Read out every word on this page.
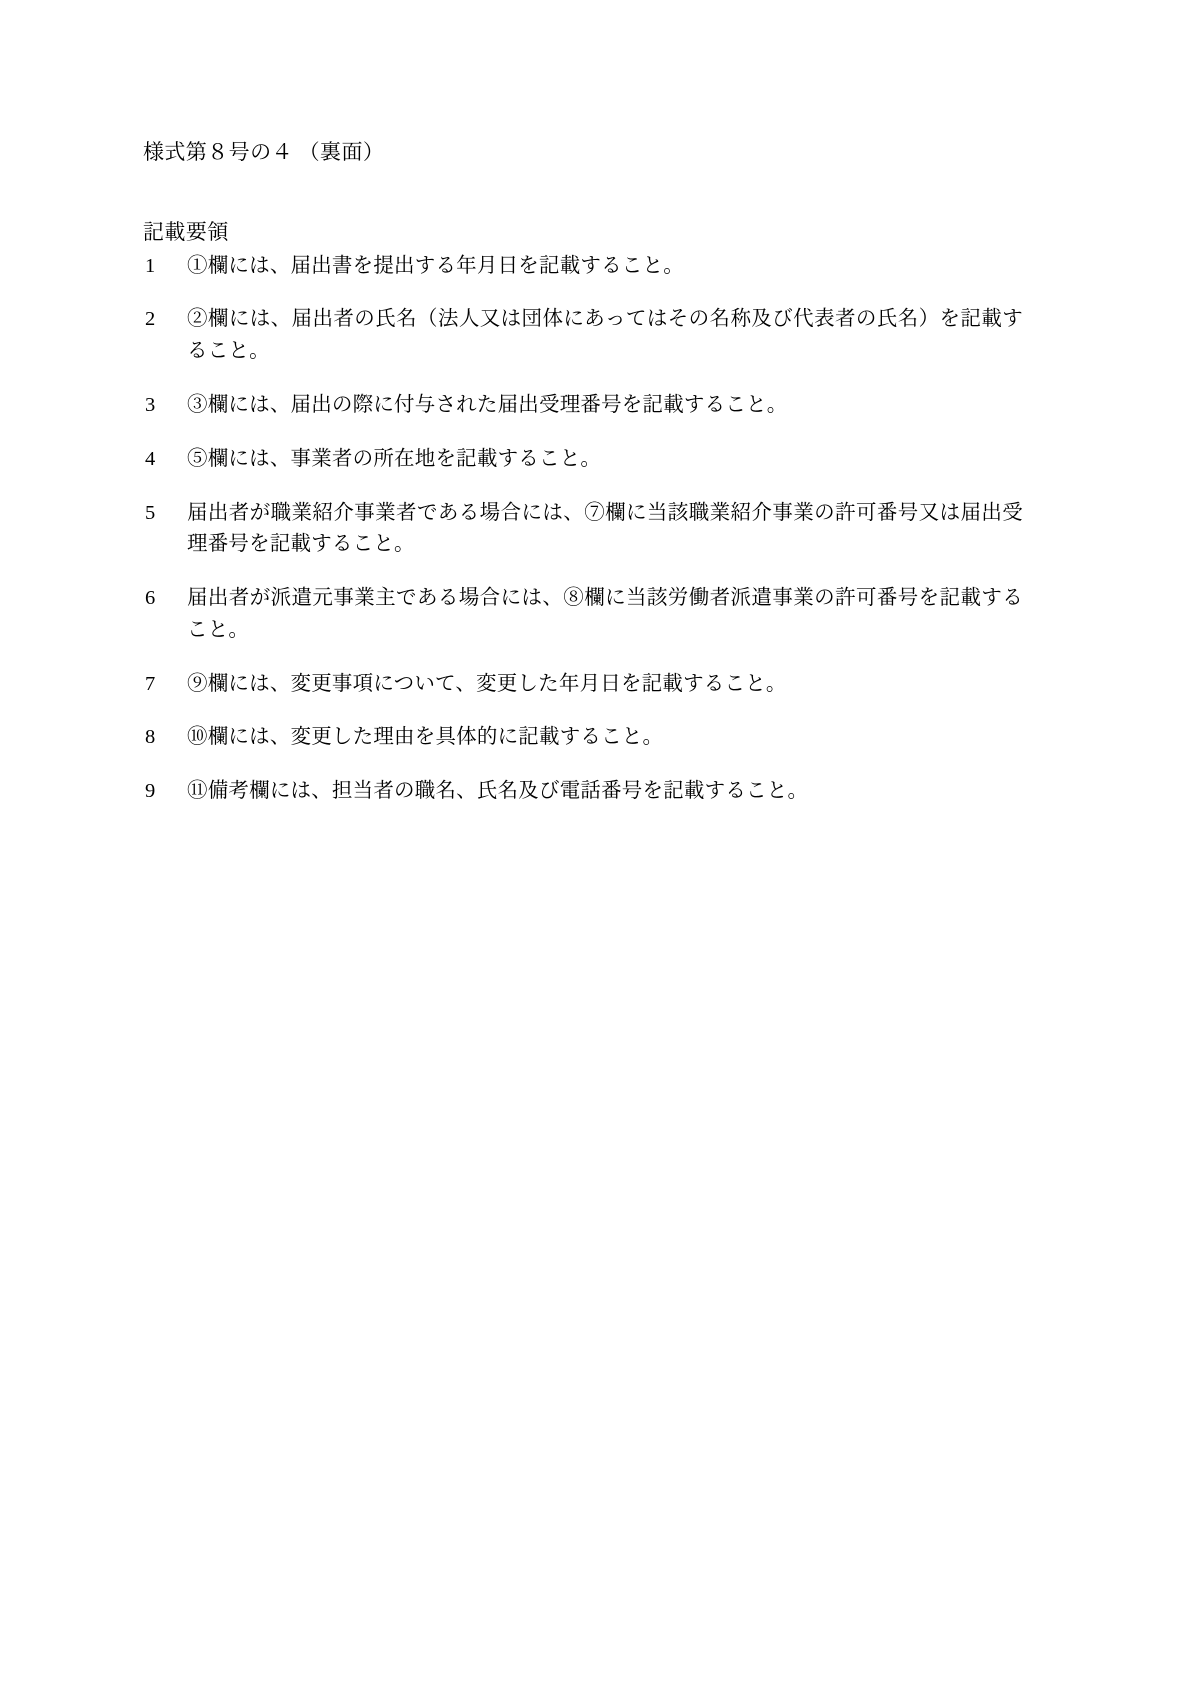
様式第８号の４ （裏面）
記載要領
1	①欄には、届出書を提出する年月日を記載すること。
2	②欄には、届出者の氏名（法人又は団体にあってはその名称及び代表者の氏名）を記載すること。
3	③欄には、届出の際に付与された届出受理番号を記載すること。
4	⑤欄には、事業者の所在地を記載すること。
5	届出者が職業紹介事業者である場合には、⑦欄に当該職業紹介事業の許可番号又は届出受理番号を記載すること。
6	届出者が派遣元事業主である場合には、⑧欄に当該労働者派遣事業の許可番号を記載すること。
7	⑨欄には、変更事項について、変更した年月日を記載すること。
8	⑩欄には、変更した理由を具体的に記載すること。
9	⑪備考欄には、担当者の職名、氏名及び電話番号を記載すること。
